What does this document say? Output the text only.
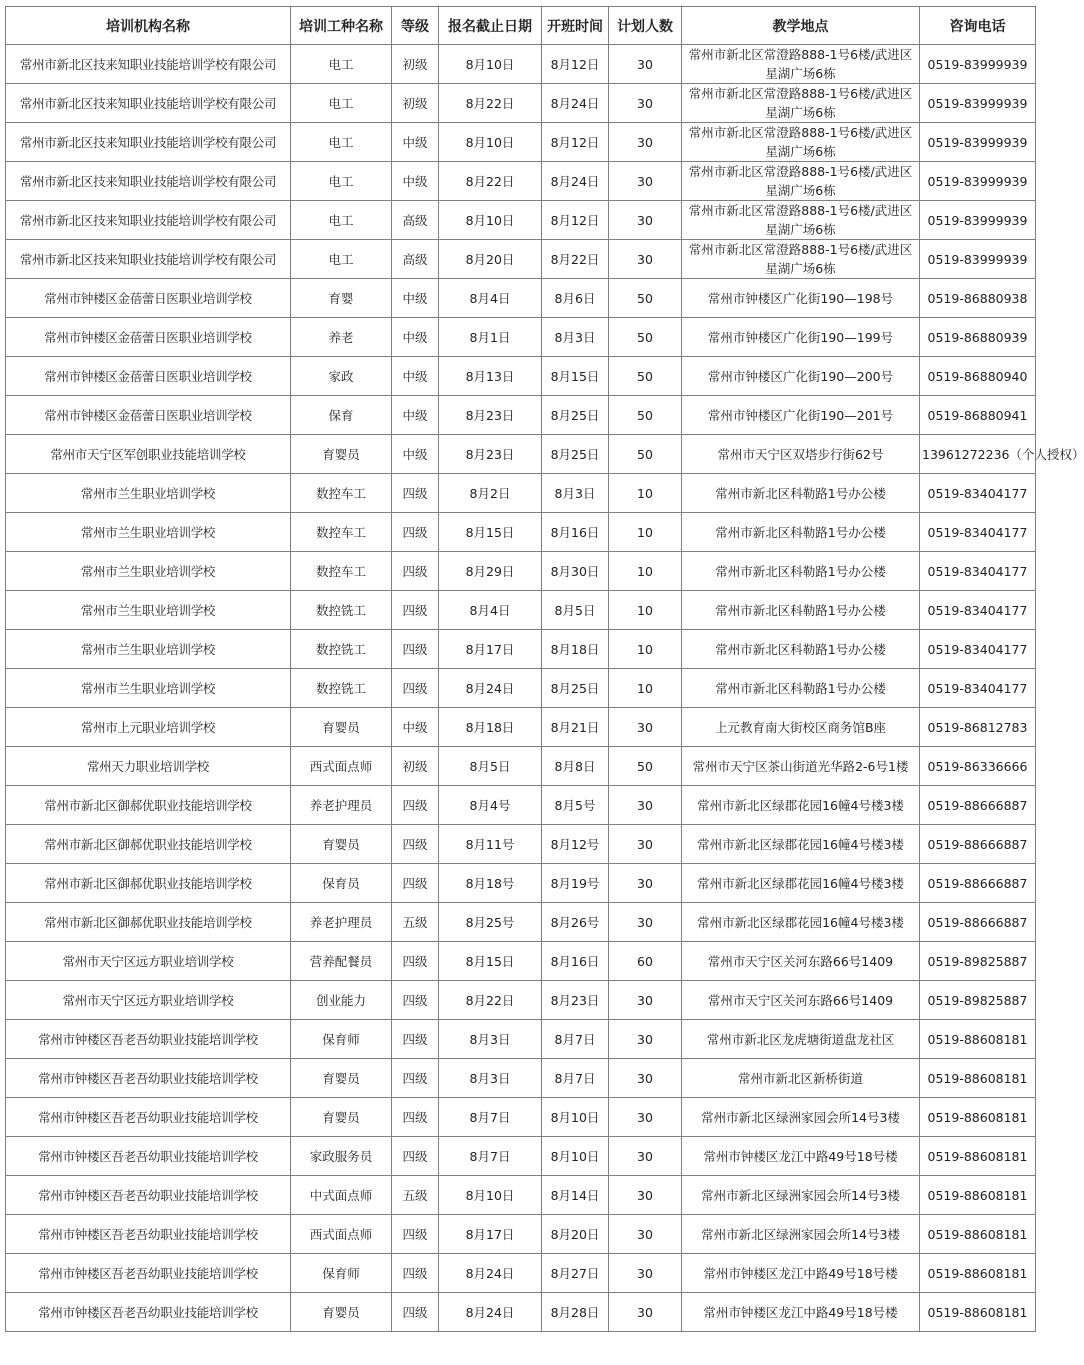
培训机构名称	培训工种名称	等级	报名截止日期	开班时间	计划人数	教学地点	咨询电话
常州市新北区技来知职业技能培训学校有限公司	电工	初级	8月10日	8月12日	30	常州市新北区常澄路888-1号6楼/武进区星湖广场6栋	0519-83999939
常州市新北区技来知职业技能培训学校有限公司	电工	初级	8月22日	8月24日	30	常州市新北区常澄路888-1号6楼/武进区星湖广场6栋	0519-83999939
常州市新北区技来知职业技能培训学校有限公司	电工	中级	8月10日	8月12日	30	常州市新北区常澄路888-1号6楼/武进区星湖广场6栋	0519-83999939
常州市新北区技来知职业技能培训学校有限公司	电工	中级	8月22日	8月24日	30	常州市新北区常澄路888-1号6楼/武进区星湖广场6栋	0519-83999939
常州市新北区技来知职业技能培训学校有限公司	电工	高级	8月10日	8月12日	30	常州市新北区常澄路888-1号6楼/武进区星湖广场6栋	0519-83999939
常州市新北区技来知职业技能培训学校有限公司	电工	高级	8月20日	8月22日	30	常州市新北区常澄路888-1号6楼/武进区星湖广场6栋	0519-83999939
常州市钟楼区金蓓蕾日医职业培训学校	育婴	中级	8月4日	8月6日	50	常州市钟楼区广化街190—198号	0519-86880938
常州市钟楼区金蓓蕾日医职业培训学校	养老	中级	8月1日	8月3日	50	常州市钟楼区广化街190—199号	0519-86880939
常州市钟楼区金蓓蕾日医职业培训学校	家政	中级	8月13日	8月15日	50	常州市钟楼区广化街190—200号	0519-86880940
常州市钟楼区金蓓蕾日医职业培训学校	保育	中级	8月23日	8月25日	50	常州市钟楼区广化街190—201号	0519-86880941
常州市天宁区军创职业技能培训学校	育婴员	中级	8月23日	8月25日	50	常州市天宁区双塔步行街62号	13961272236（个人授权）
常州市兰生职业培训学校	数控车工	四级	8月2日	8月3日	10	常州市新北区科勒路1号办公楼	0519-83404177
常州市兰生职业培训学校	数控车工	四级	8月15日	8月16日	10	常州市新北区科勒路1号办公楼	0519-83404177
常州市兰生职业培训学校	数控车工	四级	8月29日	8月30日	10	常州市新北区科勒路1号办公楼	0519-83404177
常州市兰生职业培训学校	数控铣工	四级	8月4日	8月5日	10	常州市新北区科勒路1号办公楼	0519-83404177
常州市兰生职业培训学校	数控铣工	四级	8月17日	8月18日	10	常州市新北区科勒路1号办公楼	0519-83404177
常州市兰生职业培训学校	数控铣工	四级	8月24日	8月25日	10	常州市新北区科勒路1号办公楼	0519-83404177
常州市上元职业培训学校	育婴员	中级	8月18日	8月21日	30	上元教育南大街校区商务馆B座	0519-86812783
常州天力职业培训学校	西式面点师	初级	8月5日	8月8日	50	常州市天宁区茶山街道光华路2-6号1楼	0519-86336666
常州市新北区御郝优职业技能培训学校	养老护理员	四级	8月4号	8月5号	30	常州市新北区绿郡花园16幢4号楼3楼	0519-88666887
常州市新北区御郝优职业技能培训学校	育婴员	四级	8月11号	8月12号	30	常州市新北区绿郡花园16幢4号楼3楼	0519-88666887
常州市新北区御郝优职业技能培训学校	保育员	四级	8月18号	8月19号	30	常州市新北区绿郡花园16幢4号楼3楼	0519-88666887
常州市新北区御郝优职业技能培训学校	养老护理员	五级	8月25号	8月26号	30	常州市新北区绿郡花园16幢4号楼3楼	0519-88666887
常州市天宁区远方职业培训学校	营养配餐员	四级	8月15日	8月16日	60	常州市天宁区关河东路66号1409	0519-89825887
常州市天宁区远方职业培训学校	创业能力	四级	8月22日	8月23日	30	常州市天宁区关河东路66号1409	0519-89825887
常州市钟楼区吾老吾幼职业技能培训学校	保育师	四级	8月3日	8月7日	30	常州市新北区龙虎塘街道盘龙社区	0519-88608181
常州市钟楼区吾老吾幼职业技能培训学校	育婴员	四级	8月3日	8月7日	30	常州市新北区新桥街道	0519-88608181
常州市钟楼区吾老吾幼职业技能培训学校	育婴员	四级	8月7日	8月10日	30	常州市新北区绿洲家园会所14号3楼	0519-88608181
常州市钟楼区吾老吾幼职业技能培训学校	家政服务员	四级	8月7日	8月10日	30	常州市钟楼区龙江中路49号18号楼	0519-88608181
常州市钟楼区吾老吾幼职业技能培训学校	中式面点师	五级	8月10日	8月14日	30	常州市新北区绿洲家园会所14号3楼	0519-88608181
常州市钟楼区吾老吾幼职业技能培训学校	西式面点师	四级	8月17日	8月20日	30	常州市新北区绿洲家园会所14号3楼	0519-88608181
常州市钟楼区吾老吾幼职业技能培训学校	保育师	四级	8月24日	8月27日	30	常州市钟楼区龙江中路49号18号楼	0519-88608181
常州市钟楼区吾老吾幼职业技能培训学校	育婴员	四级	8月24日	8月28日	30	常州市钟楼区龙江中路49号18号楼	0519-88608181
